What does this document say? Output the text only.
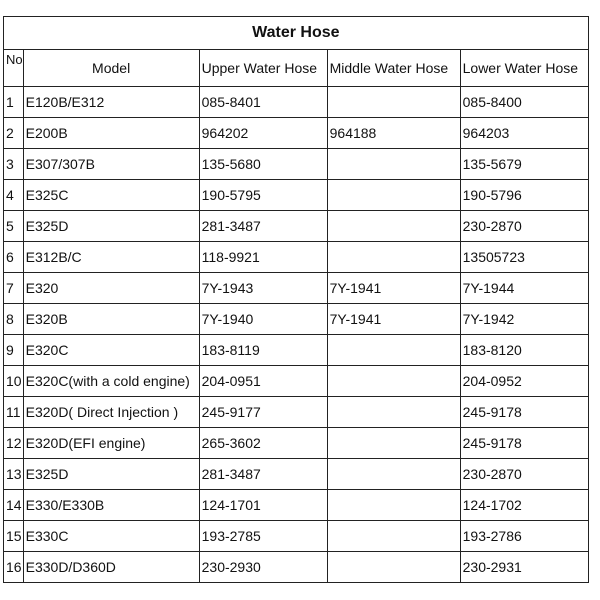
Water Hose				
No	Model	Upper Water Hose	Middle Water Hose	Lower Water Hose
1	E120B/E312	085-8401		085-8400
2	E200B	964202	964188	964203
3	E307/307B	135-5680		135-5679
4	E325C	190-5795		190-5796
5	E325D	281-3487		230-2870
6	E312B/C	118-9921		13505723
7	E320	7Y-1943	7Y-1941	7Y-1944
8	E320B	7Y-1940	7Y-1941	7Y-1942
9	E320C	183-8119		183-8120
10	E320C(with a cold engine)	204-0951		204-0952
11	E320D( Direct Injection )	245-9177		245-9178
12	E320D(EFI engine)	265-3602		245-9178
13	E325D	281-3487		230-2870
14	E330/E330B	124-1701		124-1702
15	E330C	193-2785		193-2786
16	E330D/D360D	230-2930		230-2931
